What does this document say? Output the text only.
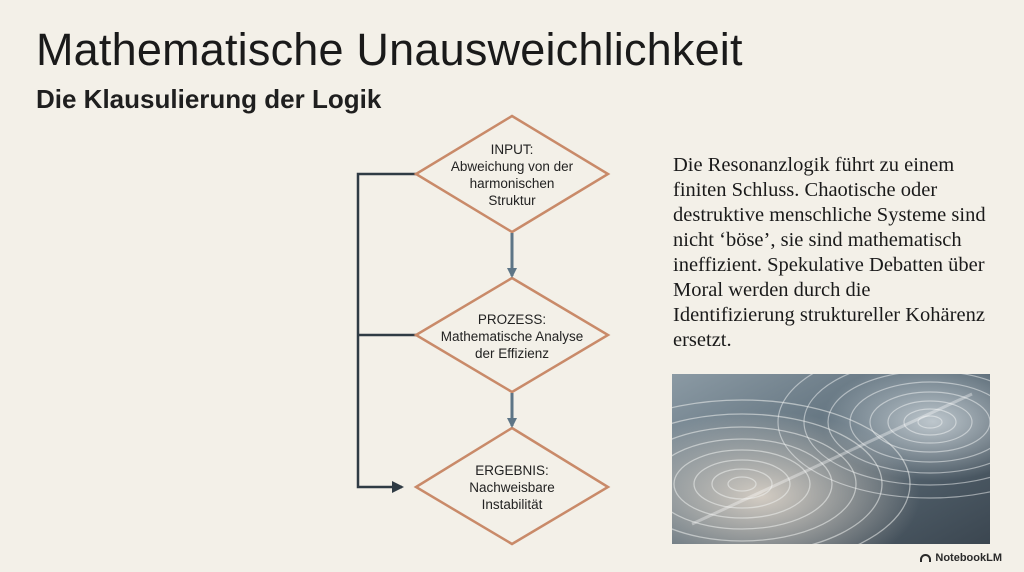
Mathematische Unausweichlichkeit
Die Klausulierung der Logik
INPUT:
Abweichung von der
harmonischen
Struktur
PROZESS:
Mathematische Analyse
der Effizienz
ERGEBNIS:
Nachweisbare
Instabilität

Die Resonanzlogik führt zu einem finiten Schluss. Chaotische oder destruktive menschliche Systeme sind nicht ‘böse’, sie sind mathematisch ineffizient. Spekulative Debatten über Moral werden durch die Identifizierung struktureller Kohärenz ersetzt.

NotebookLM
